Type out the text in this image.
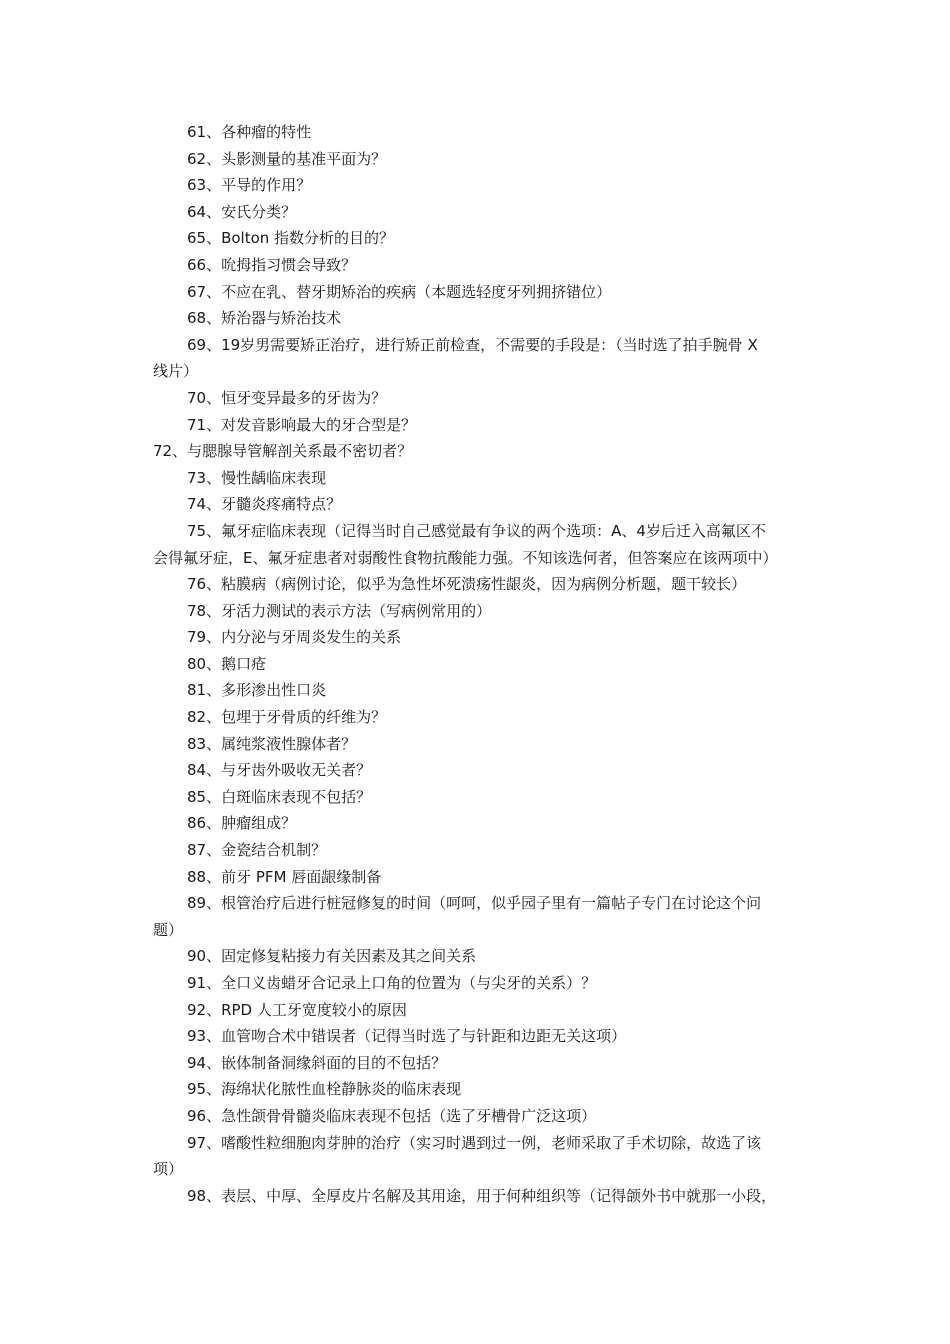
61、各种瘤的特性
62、头影测量的基准平面为？
63、平导的作用？
64、安氏分类？
65、Bolton 指数分析的目的？
66、吮拇指习惯会导致？
67、不应在乳、替牙期矫治的疾病（本题选轻度牙列拥挤错位）
68、矫治器与矫治技术
69、19岁男需要矫正治疗，进行矫正前检查，不需要的手段是：（当时选了拍手腕骨 X
线片）
70、恒牙变异最多的牙齿为？
71、对发音影响最大的牙合型是？
72、与腮腺导管解剖关系最不密切者？
73、慢性龋临床表现
74、牙髓炎疼痛特点？
75、氟牙症临床表现（记得当时自己感觉最有争议的两个选项：A、4岁后迁入高氟区不
会得氟牙症，E、氟牙症患者对弱酸性食物抗酸能力强。不知该选何者，但答案应在该两项中）
76、粘膜病（病例讨论，似乎为急性坏死溃疡性龈炎，因为病例分析题，题干较长）
78、牙活力测试的表示方法（写病例常用的）
79、内分泌与牙周炎发生的关系
80、鹅口疮
81、多形渗出性口炎
82、包埋于牙骨质的纤维为？
83、属纯浆液性腺体者？
84、与牙齿外吸收无关者？
85、白斑临床表现不包括？
86、肿瘤组成？
87、金瓷结合机制？
88、前牙 PFM 唇面龈缘制备
89、根管治疗后进行桩冠修复的时间（呵呵，似乎园子里有一篇帖子专门在讨论这个问
题）
90、固定修复粘接力有关因素及其之间关系
91、全口义齿蜡牙合记录上口角的位置为（与尖牙的关系）？
92、RPD 人工牙宽度较小的原因
93、血管吻合术中错误者（记得当时选了与针距和边距无关这项）
94、嵌体制备洞缘斜面的目的不包括？
95、海绵状化脓性血栓静脉炎的临床表现
96、急性颌骨骨髓炎临床表现不包括（选了牙槽骨广泛这项）
97、嗜酸性粒细胞肉芽肿的治疗（实习时遇到过一例，老师采取了手术切除，故选了该
项）
98、表层、中厚、全厚皮片名解及其用途，用于何种组织等（记得颌外书中就那一小段，
